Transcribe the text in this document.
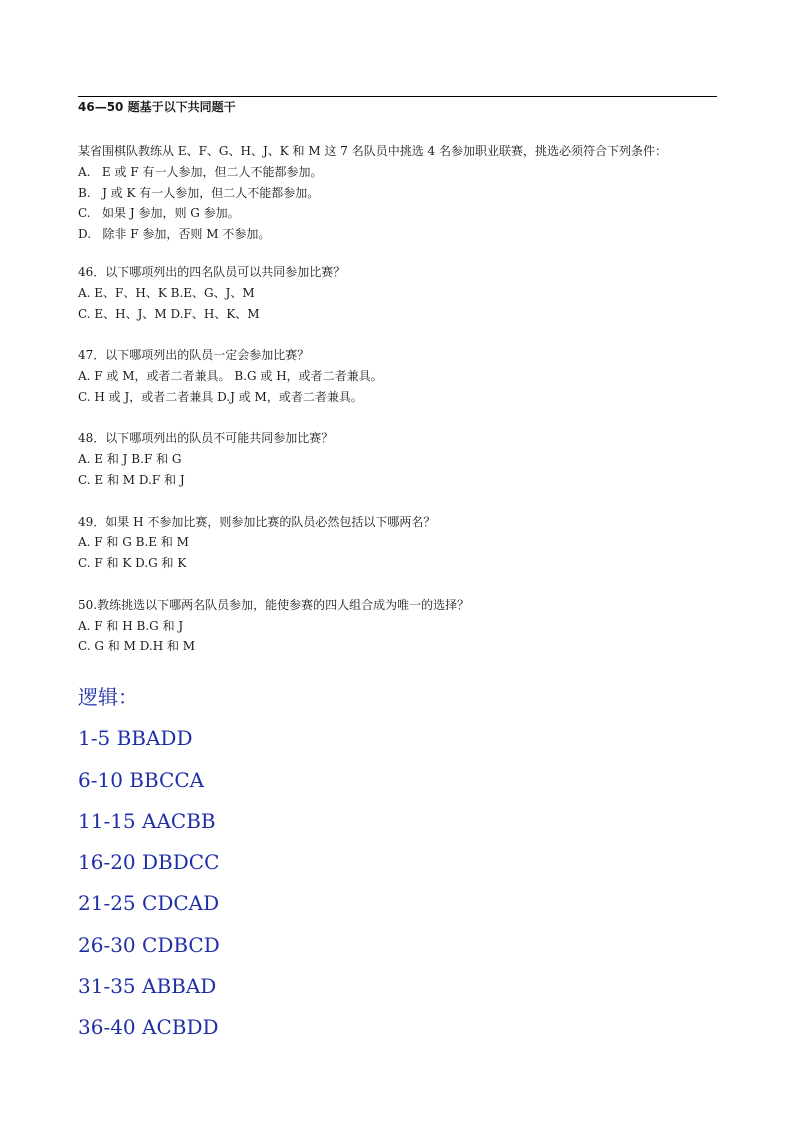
46—50 题基于以下共同题干
某省围棋队教练从 E、F、G、H、J、K 和 M 这 7 名队员中挑选 4 名参加职业联赛，挑选必须符合下列条件：
A.   E 或 F 有一人参加，但二人不能都参加。
B.   J 或 K 有一人参加，但二人不能都参加。
C.   如果 J 参加，则 G 参加。
D.   除非 F 参加，否则 M 不参加。
46．以下哪项列出的四名队员可以共同参加比赛？
A. E、F、H、K B.E、G、J、M
C. E、H、J、M D.F、H、K、M
47．以下哪项列出的队员一定会参加比赛？
A. F 或 M，或者二者兼具。 B.G 或 H，或者二者兼具。
C. H 或 J，或者二者兼具 D.J 或 M，或者二者兼具。
48．以下哪项列出的队员不可能共同参加比赛？
A. E 和 J B.F 和 G
C. E 和 M D.F 和 J
49．如果 H 不参加比赛，则参加比赛的队员必然包括以下哪两名？
A. F 和 G B.E 和 M
C. F 和 K D.G 和 K
50.教练挑选以下哪两名队员参加，能使参赛的四人组合成为唯一的选择？
A. F 和 H B.G 和 J
C. G 和 M D.H 和 M
逻辑：
1-5 BBADD
6-10 BBCCA
11-15 AACBB
16-20 DBDCC
21-25 CDCAD
26-30 CDBCD
31-35 ABBAD
36-40 ACBDD
